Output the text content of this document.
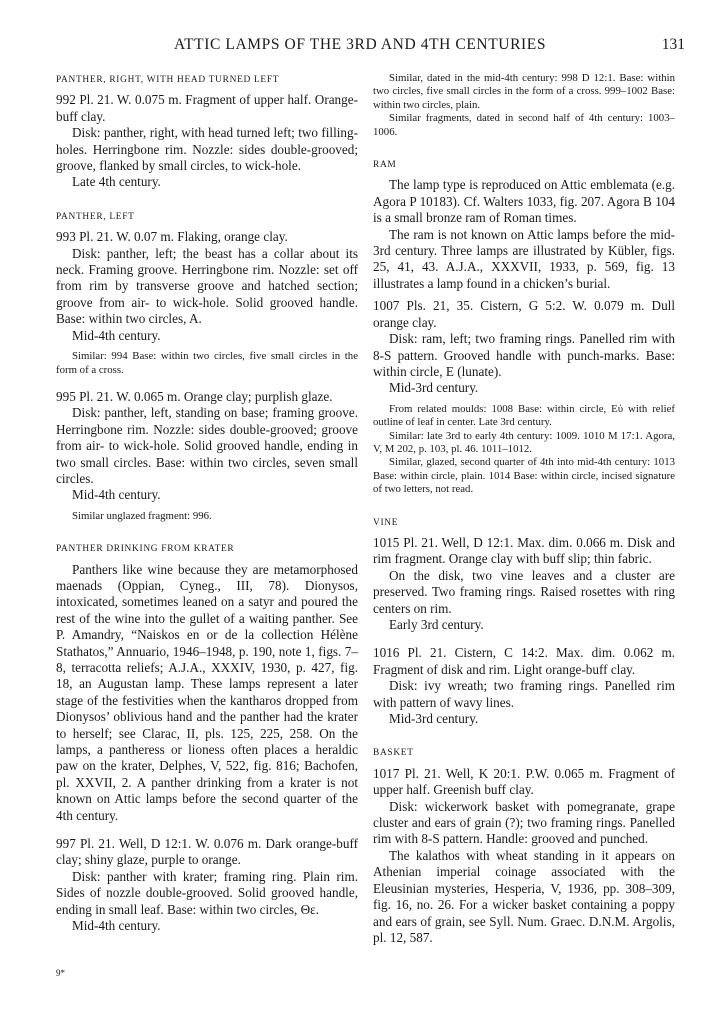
ATTIC LAMPS OF THE 3RD AND 4TH CENTURIES	131
PANTHER, RIGHT, WITH HEAD TURNED LEFT

992 Pl. 21. W. 0.075 m. Fragment of upper half. Orange-buff clay.

Disk: panther, right, with head turned left; two filling-holes. Herringbone rim. Nozzle: sides double-grooved; groove, flanked by small circles, to wick-hole.

Late 4th century.

PANTHER, LEFT

993 Pl. 21. W. 0.07 m. Flaking, orange clay.

Disk: panther, left; the beast has a collar about its neck. Framing groove. Herringbone rim. Nozzle: set off from rim by transverse groove and hatched section; groove from air- to wick-hole. Solid grooved handle. Base: within two circles, A.

Mid-4th century.

Similar: 994 Base: within two circles, five small circles in the form of a cross.

995 Pl. 21. W. 0.065 m. Orange clay; purplish glaze.

Disk: panther, left, standing on base; framing groove. Herringbone rim. Nozzle: sides double-grooved; groove from air- to wick-hole. Solid grooved handle, ending in two small circles. Base: within two circles, seven small circles.

Mid-4th century.

Similar unglazed fragment: 996.

PANTHER DRINKING FROM KRATER

Panthers like wine because they are metamorphosed maenads (Oppian, Cyneg., III, 78). Dionysos, intoxicated, sometimes leaned on a satyr and poured the rest of the wine into the gullet of a waiting panther. See P. Amandry, “Naiskos en or de la collection Hélène Stathatos,” Annuario, 1946–1948, p. 190, note 1, figs. 7–8, terracotta reliefs; A.J.A., XXXIV, 1930, p. 427, fig. 18, an Augustan lamp. These lamps represent a later stage of the festivities when the kantharos dropped from Dionysos’ oblivious hand and the panther had the krater to herself; see Clarac, II, pls. 125, 225, 258. On the lamps, a pantheress or lioness often places a heraldic paw on the krater, Delphes, V, 522, fig. 816; Bachofen, pl. XXVII, 2. A panther drinking from a krater is not known on Attic lamps before the second quarter of the 4th century.

997 Pl. 21. Well, D 12:1. W. 0.076 m. Dark orange-buff clay; shiny glaze, purple to orange.

Disk: panther with krater; framing ring. Plain rim. Sides of nozzle double-grooved. Solid grooved handle, ending in small leaf. Base: within two circles, Θε.

Mid-4th century.

Similar, dated in the mid-4th century: 998 D 12:1. Base: within two circles, five small circles in the form of a cross. 999–1002 Base: within two circles, plain.

Similar fragments, dated in second half of 4th century: 1003–1006.

RAM

The lamp type is reproduced on Attic emblemata (e.g. Agora P 10183). Cf. Walters 1033, fig. 207. Agora B 104 is a small bronze ram of Roman times.

The ram is not known on Attic lamps before the mid-3rd century. Three lamps are illustrated by Kübler, figs. 25, 41, 43. A.J.A., XXXVII, 1933, p. 569, fig. 13 illustrates a lamp found in a chicken’s burial.

1007 Pls. 21, 35. Cistern, G 5:2. W. 0.079 m. Dull orange clay.

Disk: ram, left; two framing rings. Panelled rim with 8-S pattern. Grooved handle with punch-marks. Base: within circle, E (lunate).

Mid-3rd century.

From related moulds: 1008 Base: within circle, Eὐ with relief outline of leaf in center. Late 3rd century.

Similar: late 3rd to early 4th century: 1009. 1010 M 17:1. Agora, V, M 202, p. 103, pl. 46. 1011–1012.

Similar, glazed, second quarter of 4th into mid-4th century: 1013 Base: within circle, plain. 1014 Base: within circle, incised signature of two letters, not read.

VINE

1015 Pl. 21. Well, D 12:1. Max. dim. 0.066 m. Disk and rim fragment. Orange clay with buff slip; thin fabric.

On the disk, two vine leaves and a cluster are preserved. Two framing rings. Raised rosettes with ring centers on rim.

Early 3rd century.

1016 Pl. 21. Cistern, C 14:2. Max. dim. 0.062 m. Fragment of disk and rim. Light orange-buff clay.

Disk: ivy wreath; two framing rings. Panelled rim with pattern of wavy lines.

Mid-3rd century.

BASKET

1017 Pl. 21. Well, K 20:1. P.W. 0.065 m. Fragment of upper half. Greenish buff clay.

Disk: wickerwork basket with pomegranate, grape cluster and ears of grain (?); two framing rings. Panelled rim with 8-S pattern. Handle: grooved and punched.

The kalathos with wheat standing in it appears on Athenian imperial coinage associated with the Eleusinian mysteries, Hesperia, V, 1936, pp. 308–309, fig. 16, no. 26. For a wicker basket containing a poppy and ears of grain, see Syll. Num. Graec. D.N.M. Argolis, pl. 12, 587.

9*
